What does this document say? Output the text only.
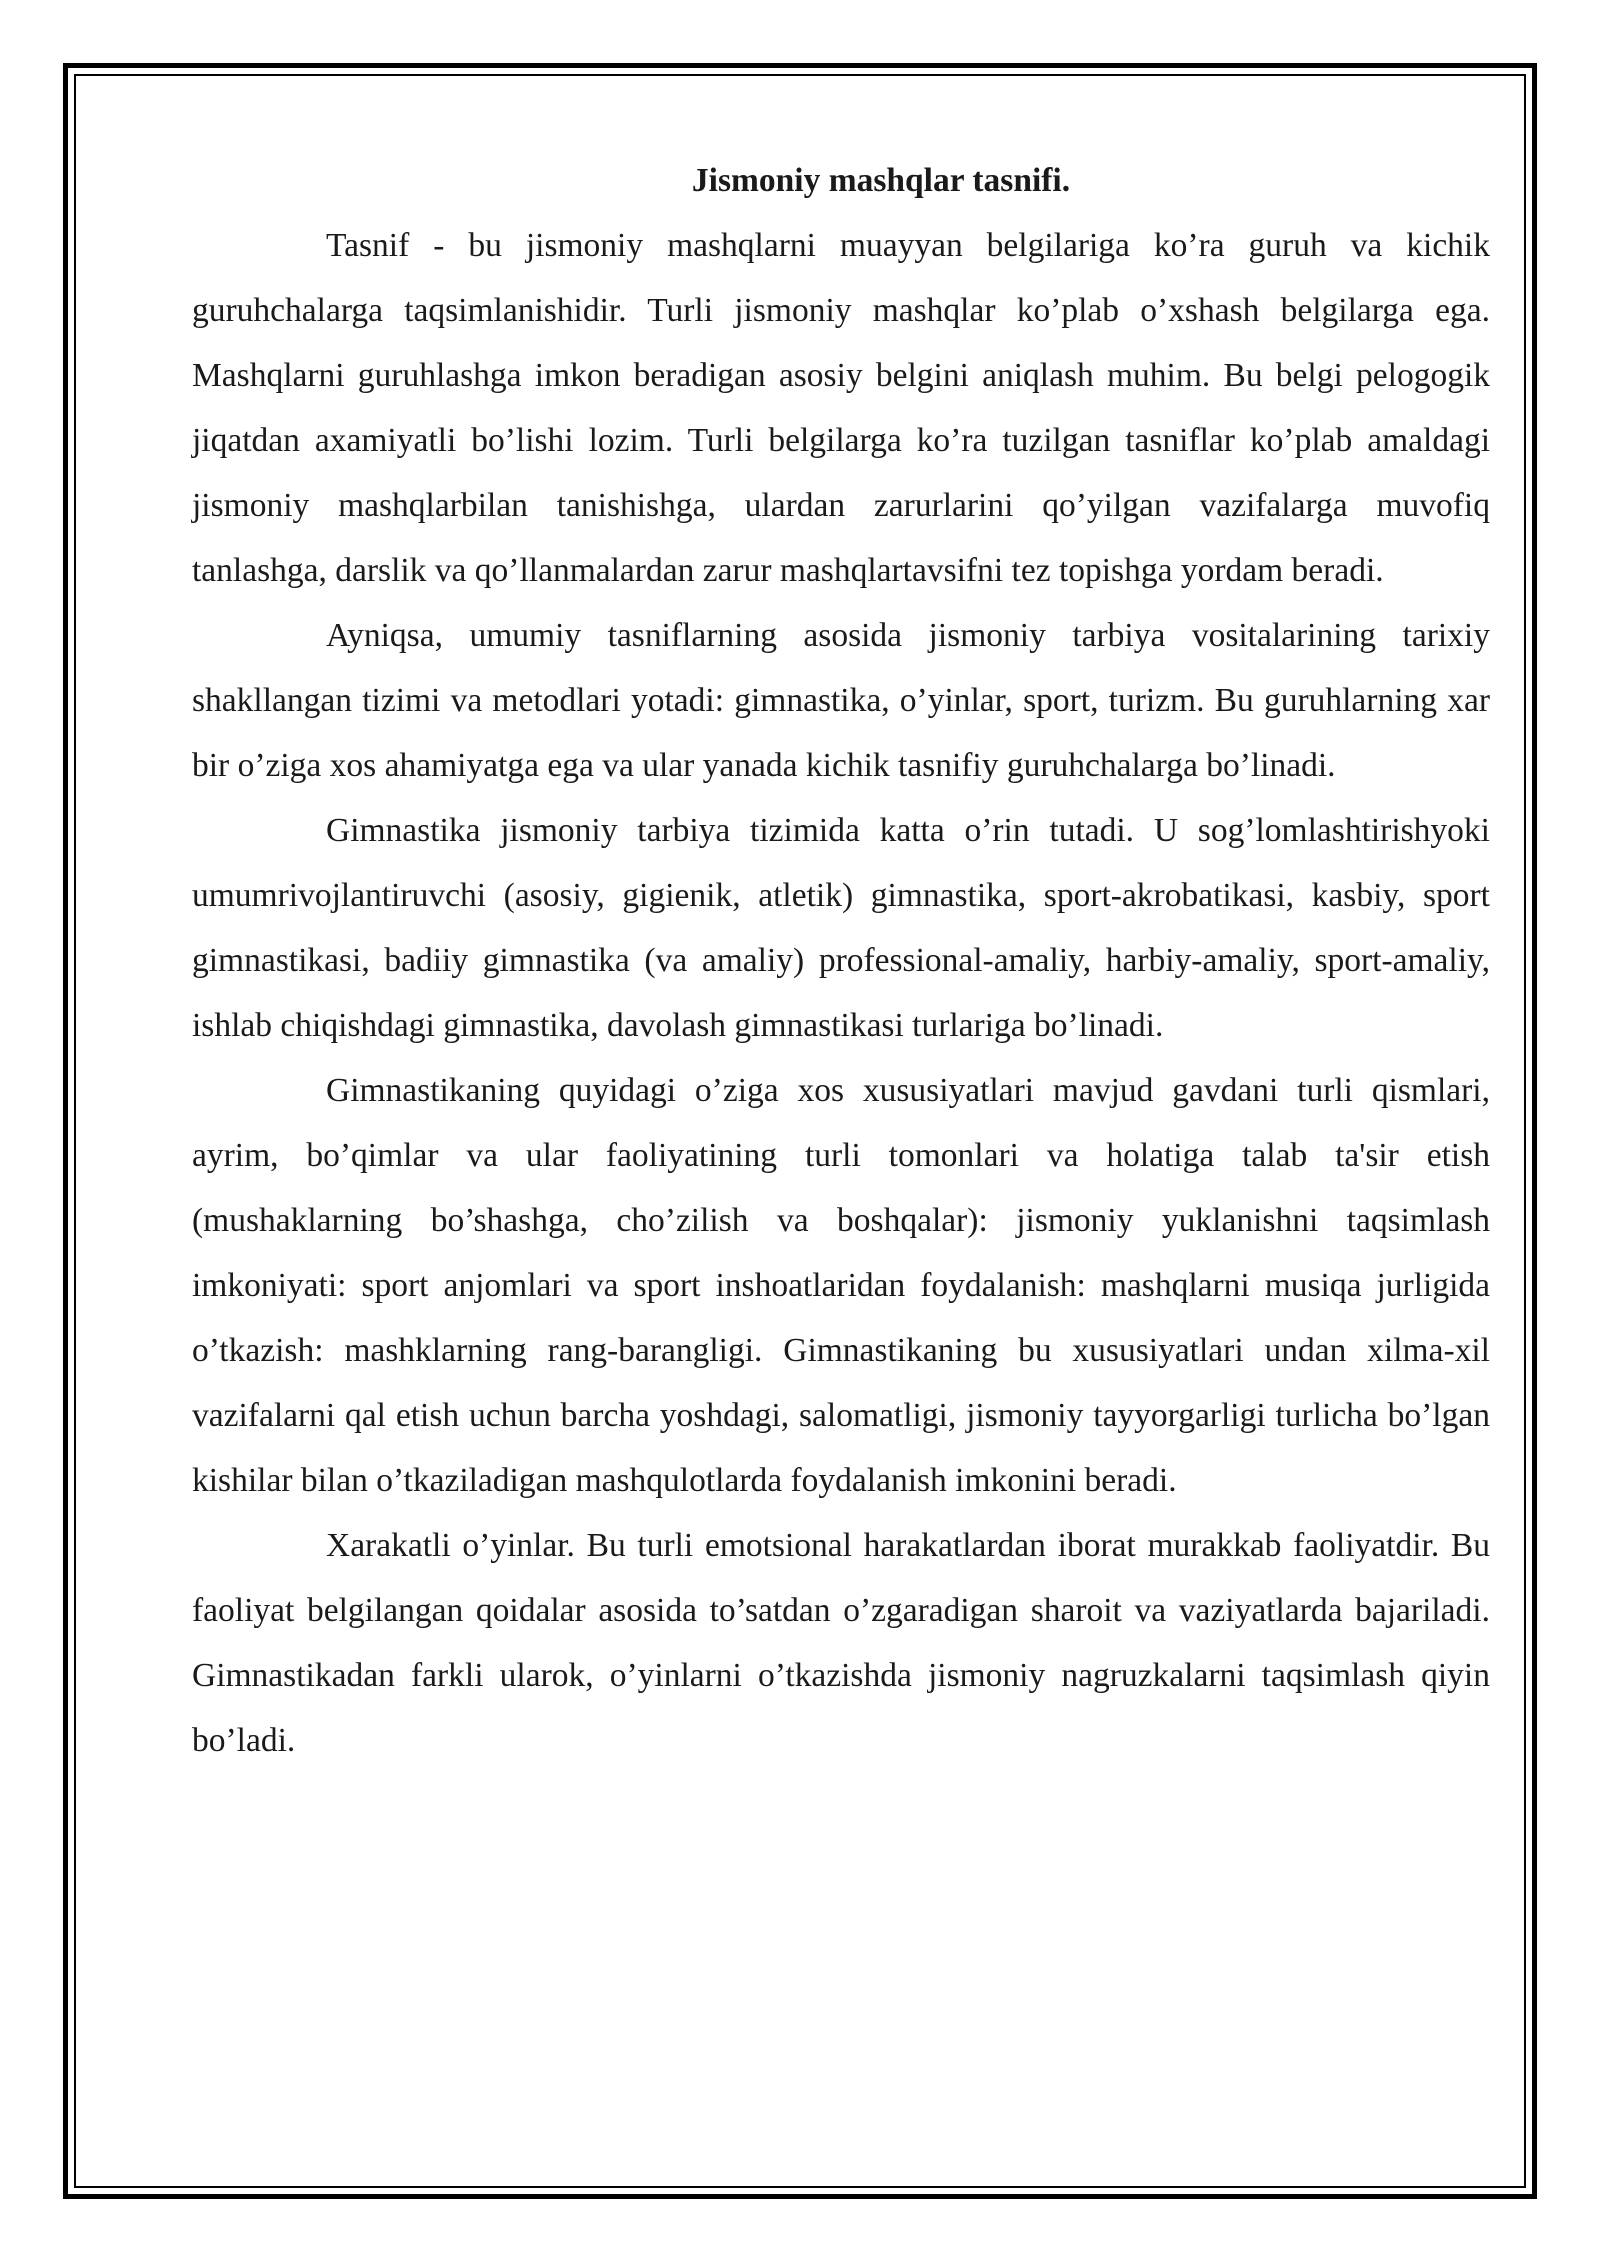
Jismoniy mashqlar tasnifi.

Tasnif - bu jismoniy mashqlarni muayyan belgilariga ko’ra guruh va kichik guruhchalarga taqsimlanishidir. Turli jismoniy mashqlar ko’plab o’xshash belgilarga ega. Mashqlarni guruhlashga imkon beradigan asosiy belgini aniqlash muhim. Bu belgi pelogogik jiqatdan axamiyatli bo’lishi lozim. Turli belgilarga ko’ra tuzilgan tasniflar ko’plab amaldagi jismoniy mashqlarbilan tanishishga, ulardan zarurlarini qo’yilgan vazifalarga muvofiq tanlashga, darslik va qo’llanmalardan zarur mashqlartavsifni tez topishga yordam beradi.

Ayniqsa, umumiy tasniflarning asosida jismoniy tarbiya vositalarining tarixiy shakllangan tizimi va metodlari yotadi: gimnastika, o’yinlar, sport, turizm. Bu guruhlarning xar bir o’ziga xos ahamiyatga ega va ular yanada kichik tasnifiy guruhchalarga bo’linadi.

Gimnastika jismoniy tarbiya tizimida katta o’rin tutadi. U sog’lomlashtirishyoki umumrivojlantiruvchi (asosiy, gigienik, atletik) gimnastika, sport-akrobatikasi, kasbiy, sport gimnastikasi, badiiy gimnastika (va amaliy) professional-amaliy, harbiy-amaliy, sport-amaliy, ishlab chiqishdagi gimnastika, davolash gimnastikasi turlariga bo’linadi.

Gimnastikaning quyidagi o’ziga xos xususiyatlari mavjud gavdani turli qismlari, ayrim, bo’qimlar va ular faoliyatining turli tomonlari va holatiga talab ta'sir etish (mushaklarning bo’shashga, cho’zilish va boshqalar): jismoniy yuklanishni taqsimlash imkoniyati: sport anjomlari va sport inshoatlaridan foydalanish: mashqlarni musiqa jurligida o’tkazish: mashklarning rang-barangligi. Gimnastikaning bu xususiyatlari undan xilma-xil vazifalarni qal etish uchun barcha yoshdagi, salomatligi, jismoniy tayyorgarligi turlicha bo’lgan kishilar bilan o’tkaziladigan mashqulotlarda foydalanish imkonini beradi.

Xarakatli o’yinlar. Bu turli emotsional harakatlardan iborat murakkab faoliyatdir. Bu faoliyat belgilangan qoidalar asosida to’satdan o’zgaradigan sharoit va vaziyatlarda bajariladi. Gimnastikadan farkli ularok, o’yinlarni o’tkazishda jismoniy nagruzkalarni taqsimlash qiyin bo’ladi.
